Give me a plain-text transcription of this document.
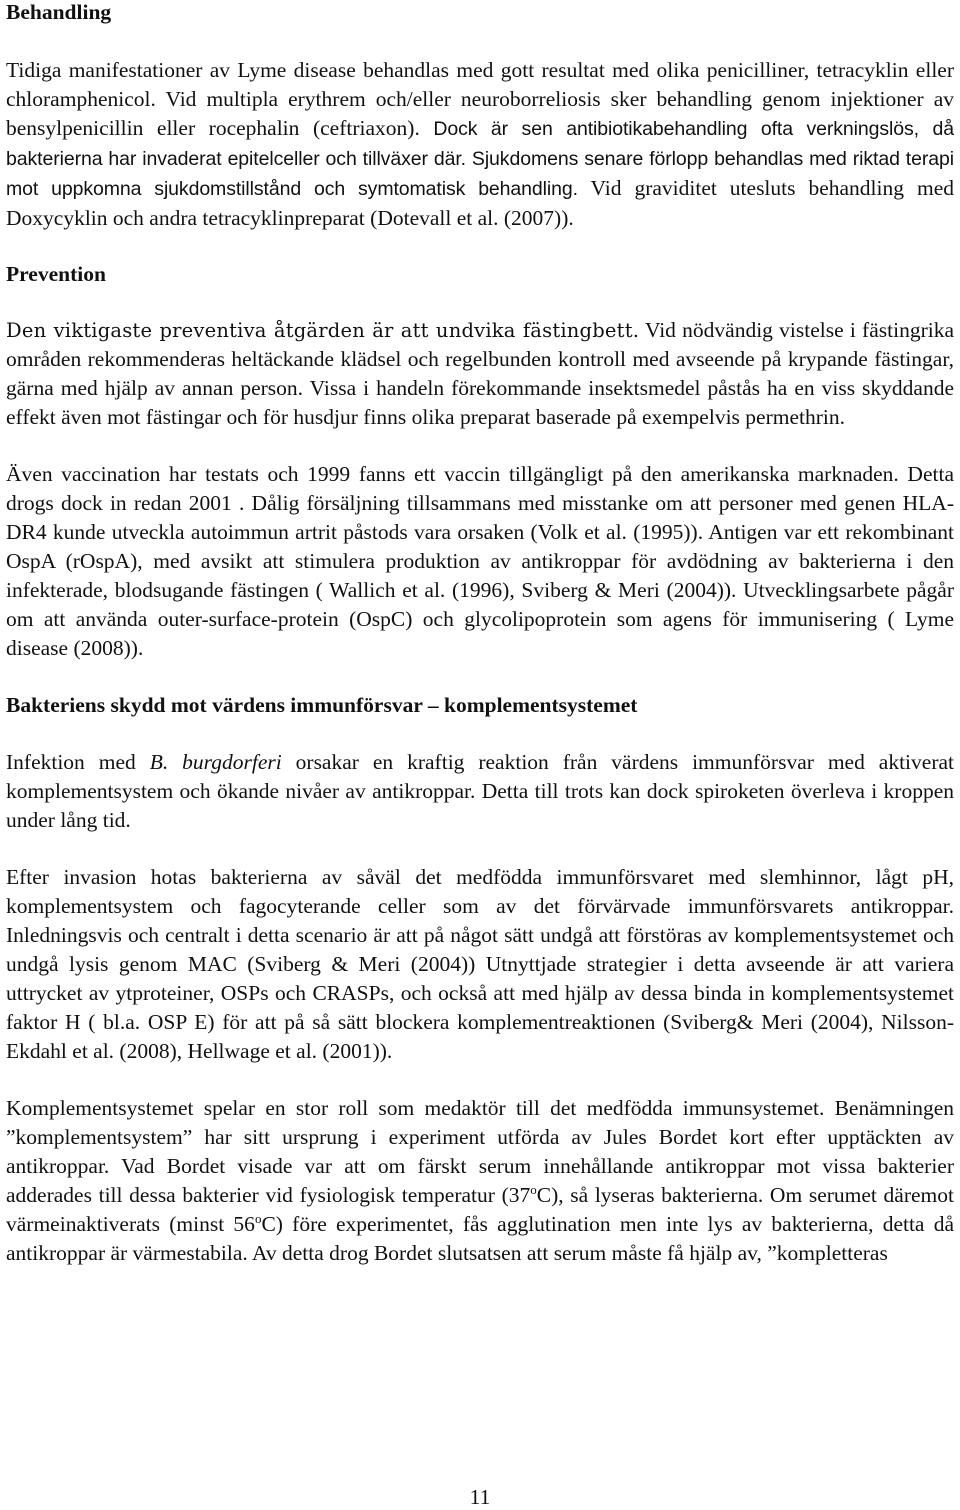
Behandling

Tidiga manifestationer av Lyme disease behandlas med gott resultat med olika penicilliner, tetracyklin eller chloramphenicol. Vid multipla erythrem och/eller neuroborreliosis sker behandling genom injektioner av bensylpenicillin eller rocephalin (ceftriaxon). Dock är sen antibiotikabehandling ofta verkningslös, då bakterierna har invaderat epitelceller och tillväxer där. Sjukdomens senare förlopp behandlas med riktad terapi mot uppkomna sjukdomstillstånd och symtomatisk behandling. Vid graviditet utesluts behandling med Doxycyklin och andra tetracyklinpreparat (Dotevall et al. (2007)).

Prevention

Den viktigaste preventiva åtgärden är att undvika fästingbett. Vid nödvändig vistelse i fästingrika områden rekommenderas heltäckande klädsel och regelbunden kontroll med avseende på krypande fästingar, gärna med hjälp av annan person. Vissa i handeln förekommande insektsmedel påstås ha en viss skyddande effekt även mot fästingar och för husdjur finns olika preparat baserade på exempelvis permethrin.

Även vaccination har testats och 1999 fanns ett vaccin tillgängligt på den amerikanska marknaden. Detta drogs dock in redan 2001 . Dålig försäljning tillsammans med misstanke om att personer med genen HLA-DR4 kunde utveckla autoimmun artrit påstods vara orsaken (Volk et al. (1995)). Antigen var ett rekombinant OspA (rOspA), med avsikt att stimulera produktion av antikroppar för avdödning av bakterierna i den infekterade, blodsugande fästingen ( Wallich et al. (1996), Sviberg & Meri (2004)). Utvecklingsarbete pågår om att använda outer-surface-protein (OspC) och glycolipoprotein som agens för immunisering ( Lyme disease (2008)).

Bakteriens skydd mot värdens immunförsvar – komplementsystemet

Infektion med B. burgdorferi orsakar en kraftig reaktion från värdens immunförsvar med aktiverat komplementsystem och ökande nivåer av antikroppar. Detta till trots kan dock spiroketen överleva i kroppen under lång tid.

Efter invasion hotas bakterierna av såväl det medfödda immunförsvaret med slemhinnor, lågt pH, komplementsystem och fagocyterande celler som av det förvärvade immunförsvarets antikroppar. Inledningsvis och centralt i detta scenario är att på något sätt undgå att förstöras av komplementsystemet och undgå lysis genom MAC (Sviberg & Meri (2004)) Utnyttjade strategier i detta avseende är att variera uttrycket av ytproteiner, OSPs och CRASPs, och också att med hjälp av dessa binda in komplementsystemet faktor H ( bl.a. OSP E) för att på så sätt blockera komplementreaktionen (Sviberg& Meri (2004), Nilsson-Ekdahl et al. (2008), Hellwage et al. (2001)).

Komplementsystemet spelar en stor roll som medaktör till det medfödda immunsystemet. Benämningen ”komplementsystem” har sitt ursprung i experiment utförda av Jules Bordet kort efter upptäckten av antikroppar. Vad Bordet visade var att om färskt serum innehållande antikroppar mot vissa bakterier adderades till dessa bakterier vid fysiologisk temperatur (37$^o$C), så lyseras bakterierna. Om serumet däremot värmeinaktiverats (minst 56$^o$C) före experimentet, fås agglutination men inte lys av bakterierna, detta då antikroppar är värmestabila. Av detta drog Bordet slutsatsen att serum måste få hjälp av, ”kompletteras

11
